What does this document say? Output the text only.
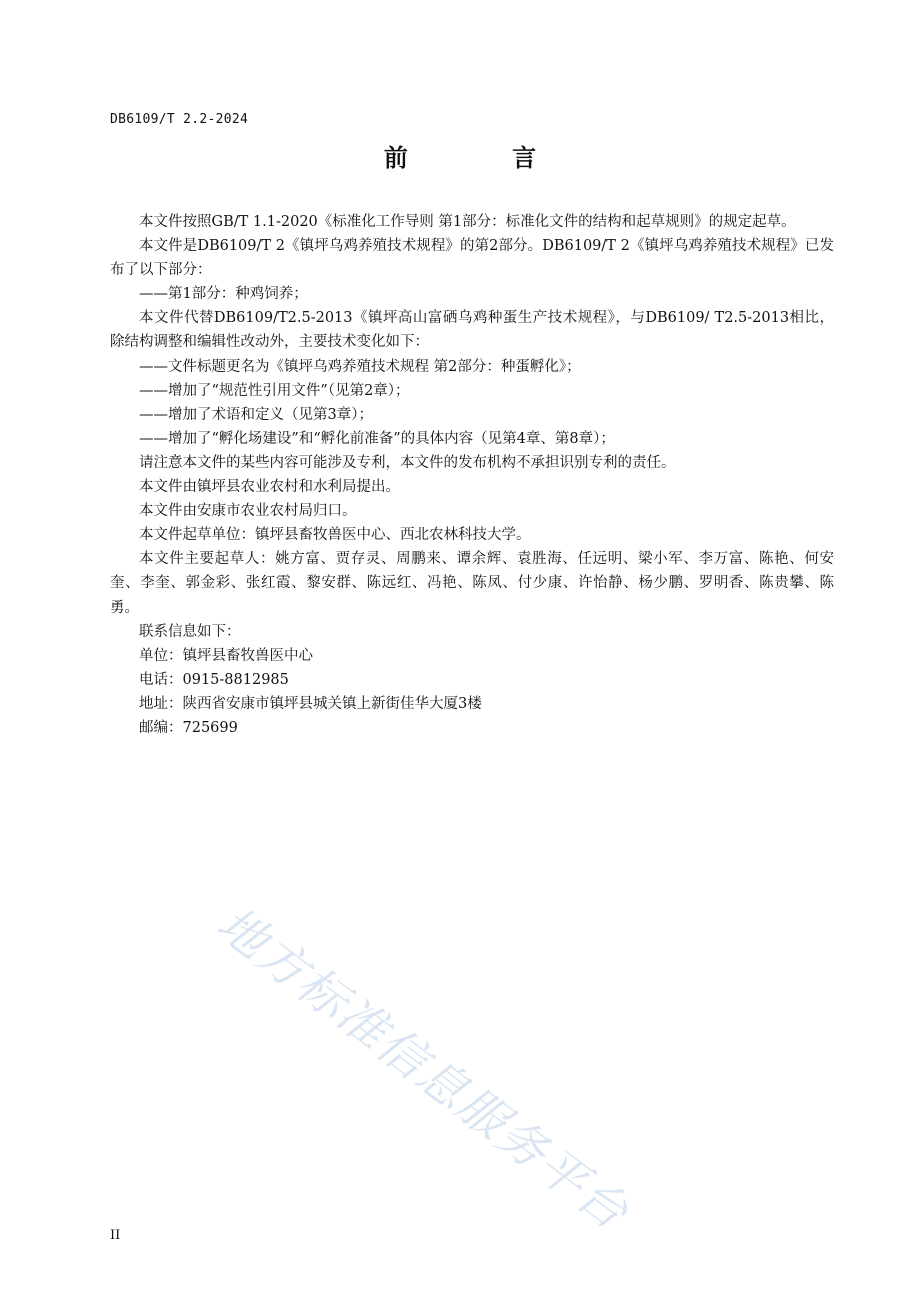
DB6109/T 2.2-2024
前 言

本文件按照GB/T 1.1-2020《标准化工作导则 第1部分：标准化文件的结构和起草规则》的规定起草。

本文件是DB6109/T 2《镇坪乌鸡养殖技术规程》的第2部分。DB6109/T 2《镇坪乌鸡养殖技术规程》已发布了以下部分：

——第1部分：种鸡饲养；

本文件代替DB6109/T2.5-2013《镇坪高山富硒乌鸡种蛋生产技术规程》，与DB6109/ T2.5-2013相比，除结构调整和编辑性改动外，主要技术变化如下：

——文件标题更名为《镇坪乌鸡养殖技术规程 第2部分：种蛋孵化》；

——增加了“规范性引用文件”（见第2章）；

——增加了术语和定义（见第3章）；

——增加了“孵化场建设”和“孵化前准备”的具体内容（见第4章、第8章）；

请注意本文件的某些内容可能涉及专利，本文件的发布机构不承担识别专利的责任。

本文件由镇坪县农业农村和水利局提出。

本文件由安康市农业农村局归口。

本文件起草单位：镇坪县畜牧兽医中心、西北农林科技大学。

本文件主要起草人：姚方富、贾存灵、周鹏来、谭余辉、袁胜海、任远明、梁小军、李万富、陈艳、何安奎、李奎、郭金彩、张红霞、黎安群、陈远红、冯艳、陈凤、付少康、许怡静、杨少鹏、罗明香、陈贵攀、陈勇。

联系信息如下：

单位：镇坪县畜牧兽医中心

电话：0915-8812985

地址：陕西省安康市镇坪县城关镇上新街佳华大厦3楼

邮编：725699

地方标准信息服务平台
II
